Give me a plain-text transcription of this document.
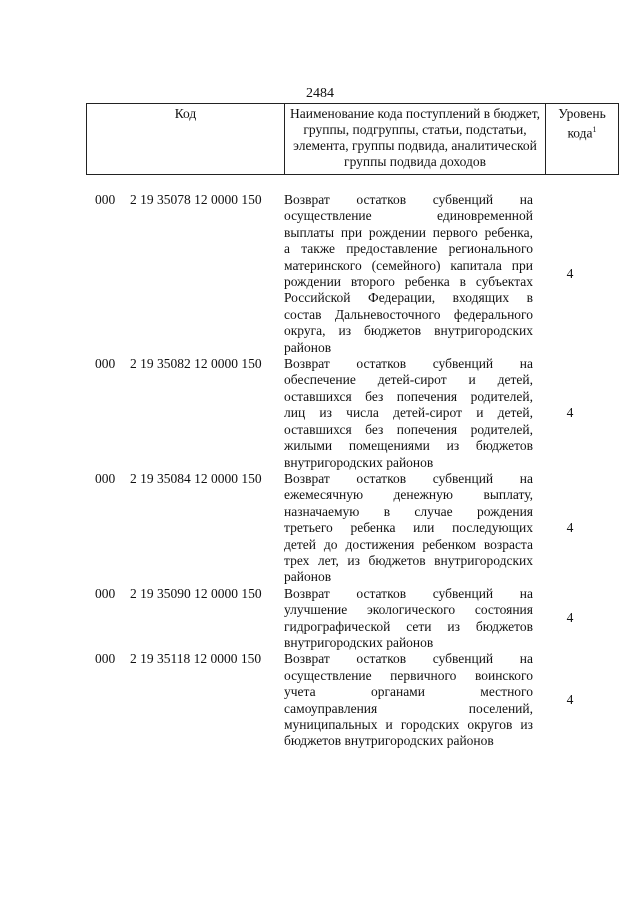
2484
Код	Наименование кода поступлений в бюджет, группы, подгруппы, статьи, подстатьи, элемента, группы подвида, аналитической группы подвида доходов	Уровень кода$^1$
000 2 19 35078 12 0000 150 Возврат остатков субвенций на
осуществление единовременной
выплаты при рождении первого ребенка,
а также предоставление регионального
материнского (семейного) капитала при
рождении второго ребенка в субъектах
Российской Федерации, входящих в
состав Дальневосточного федерального
округа, из бюджетов внутригородских
районов
4
000 2 19 35082 12 0000 150 Возврат остатков субвенций на
обеспечение детей-сирот и детей,
оставшихся без попечения родителей,
лиц из числа детей-сирот и детей,
оставшихся без попечения родителей,
жилыми помещениями из бюджетов
внутригородских районов
4
000 2 19 35084 12 0000 150 Возврат остатков субвенций на
ежемесячную денежную выплату,
назначаемую в случае рождения
третьего ребенка или последующих
детей до достижения ребенком возраста
трех лет, из бюджетов внутригородских
районов
4
000 2 19 35090 12 0000 150 Возврат остатков субвенций на
улучшение экологического состояния
гидрографической сети из бюджетов
внутригородских районов
4
000 2 19 35118 12 0000 150 Возврат остатков субвенций на
осуществление первичного воинского
учета органами местного
самоуправления поселений,
муниципальных и городских округов из
бюджетов внутригородских районов
4
